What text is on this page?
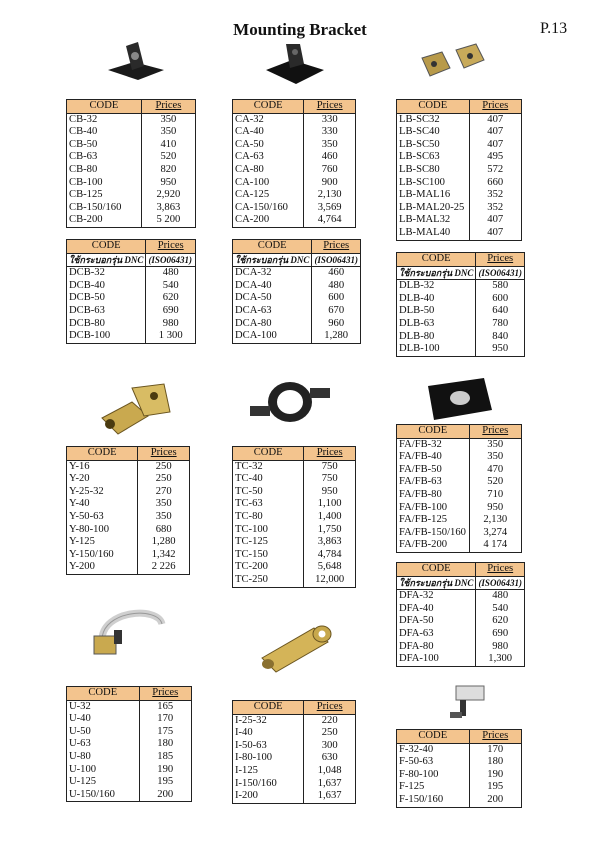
Mounting Bracket	P.13
CODE	Prices
CB-32	350
CB-40	350
CB-50	410
CB-63	520
CB-80	820
CB-100	950
CB-125	2,920
CB-150/160	3,863
CB-200	5 200
CODE	Prices
ใช้กระบอกรุ่น DNC	(ISO06431)
DCB-32	480
DCB-40	540
DCB-50	620
DCB-63	690
DCB-80	980
DCB-100	1 300
CODE	Prices
CA-32	330
CA-40	330
CA-50	350
CA-63	460
CA-80	760
CA-100	900
CA-125	2,130
CA-150/160	3,569
CA-200	4,764
CODE	Prices
ใช้กระบอกรุ่น DNC	(ISO06431)
DCA-32	460
DCA-40	480
DCA-50	600
DCA-63	670
DCA-80	960
DCA-100	1,280
CODE	Prices
LB-SC32	407
LB-SC40	407
LB-SC50	407
LB-SC63	495
LB-SC80	572
LB-SC100	660
LB-MAL16	352
LB-MAL20-25	352
LB-MAL32	407
LB-MAL40	407
CODE	Prices
ใช้กระบอกรุ่น DNC	(ISO06431)
DLB-32	580
DLB-40	600
DLB-50	640
DLB-63	780
DLB-80	840
DLB-100	950
CODE	Prices
Y-16	250
Y-20	250
Y-25-32	270
Y-40	350
Y-50-63	350
Y-80-100	680
Y-125	1,280
Y-150/160	1,342
Y-200	2 226
CODE	Prices
TC-32	750
TC-40	750
TC-50	950
TC-63	1,100
TC-80	1,400
TC-100	1,750
TC-125	3,863
TC-150	4,784
TC-200	5,648
TC-250	12,000
CODE	Prices
FA/FB-32	350
FA/FB-40	350
FA/FB-50	470
FA/FB-63	520
FA/FB-80	710
FA/FB-100	950
FA/FB-125	2,130
FA/FB-150/160	3,274
FA/FB-200	4 174
CODE	Prices
ใช้กระบอกรุ่น DNC	(ISO06431)
DFA-32	480
DFA-40	540
DFA-50	620
DFA-63	690
DFA-80	980
DFA-100	1,300
CODE	Prices
U-32	165
U-40	170
U-50	175
U-63	180
U-80	185
U-100	190
U-125	195
U-150/160	200
CODE	Prices
I-25-32	220
I-40	250
I-50-63	300
I-80-100	630
I-125	1,048
I-150/160	1,637
I-200	1,637
CODE	Prices
F-32-40	170
F-50-63	180
F-80-100	190
F-125	195
F-150/160	200
